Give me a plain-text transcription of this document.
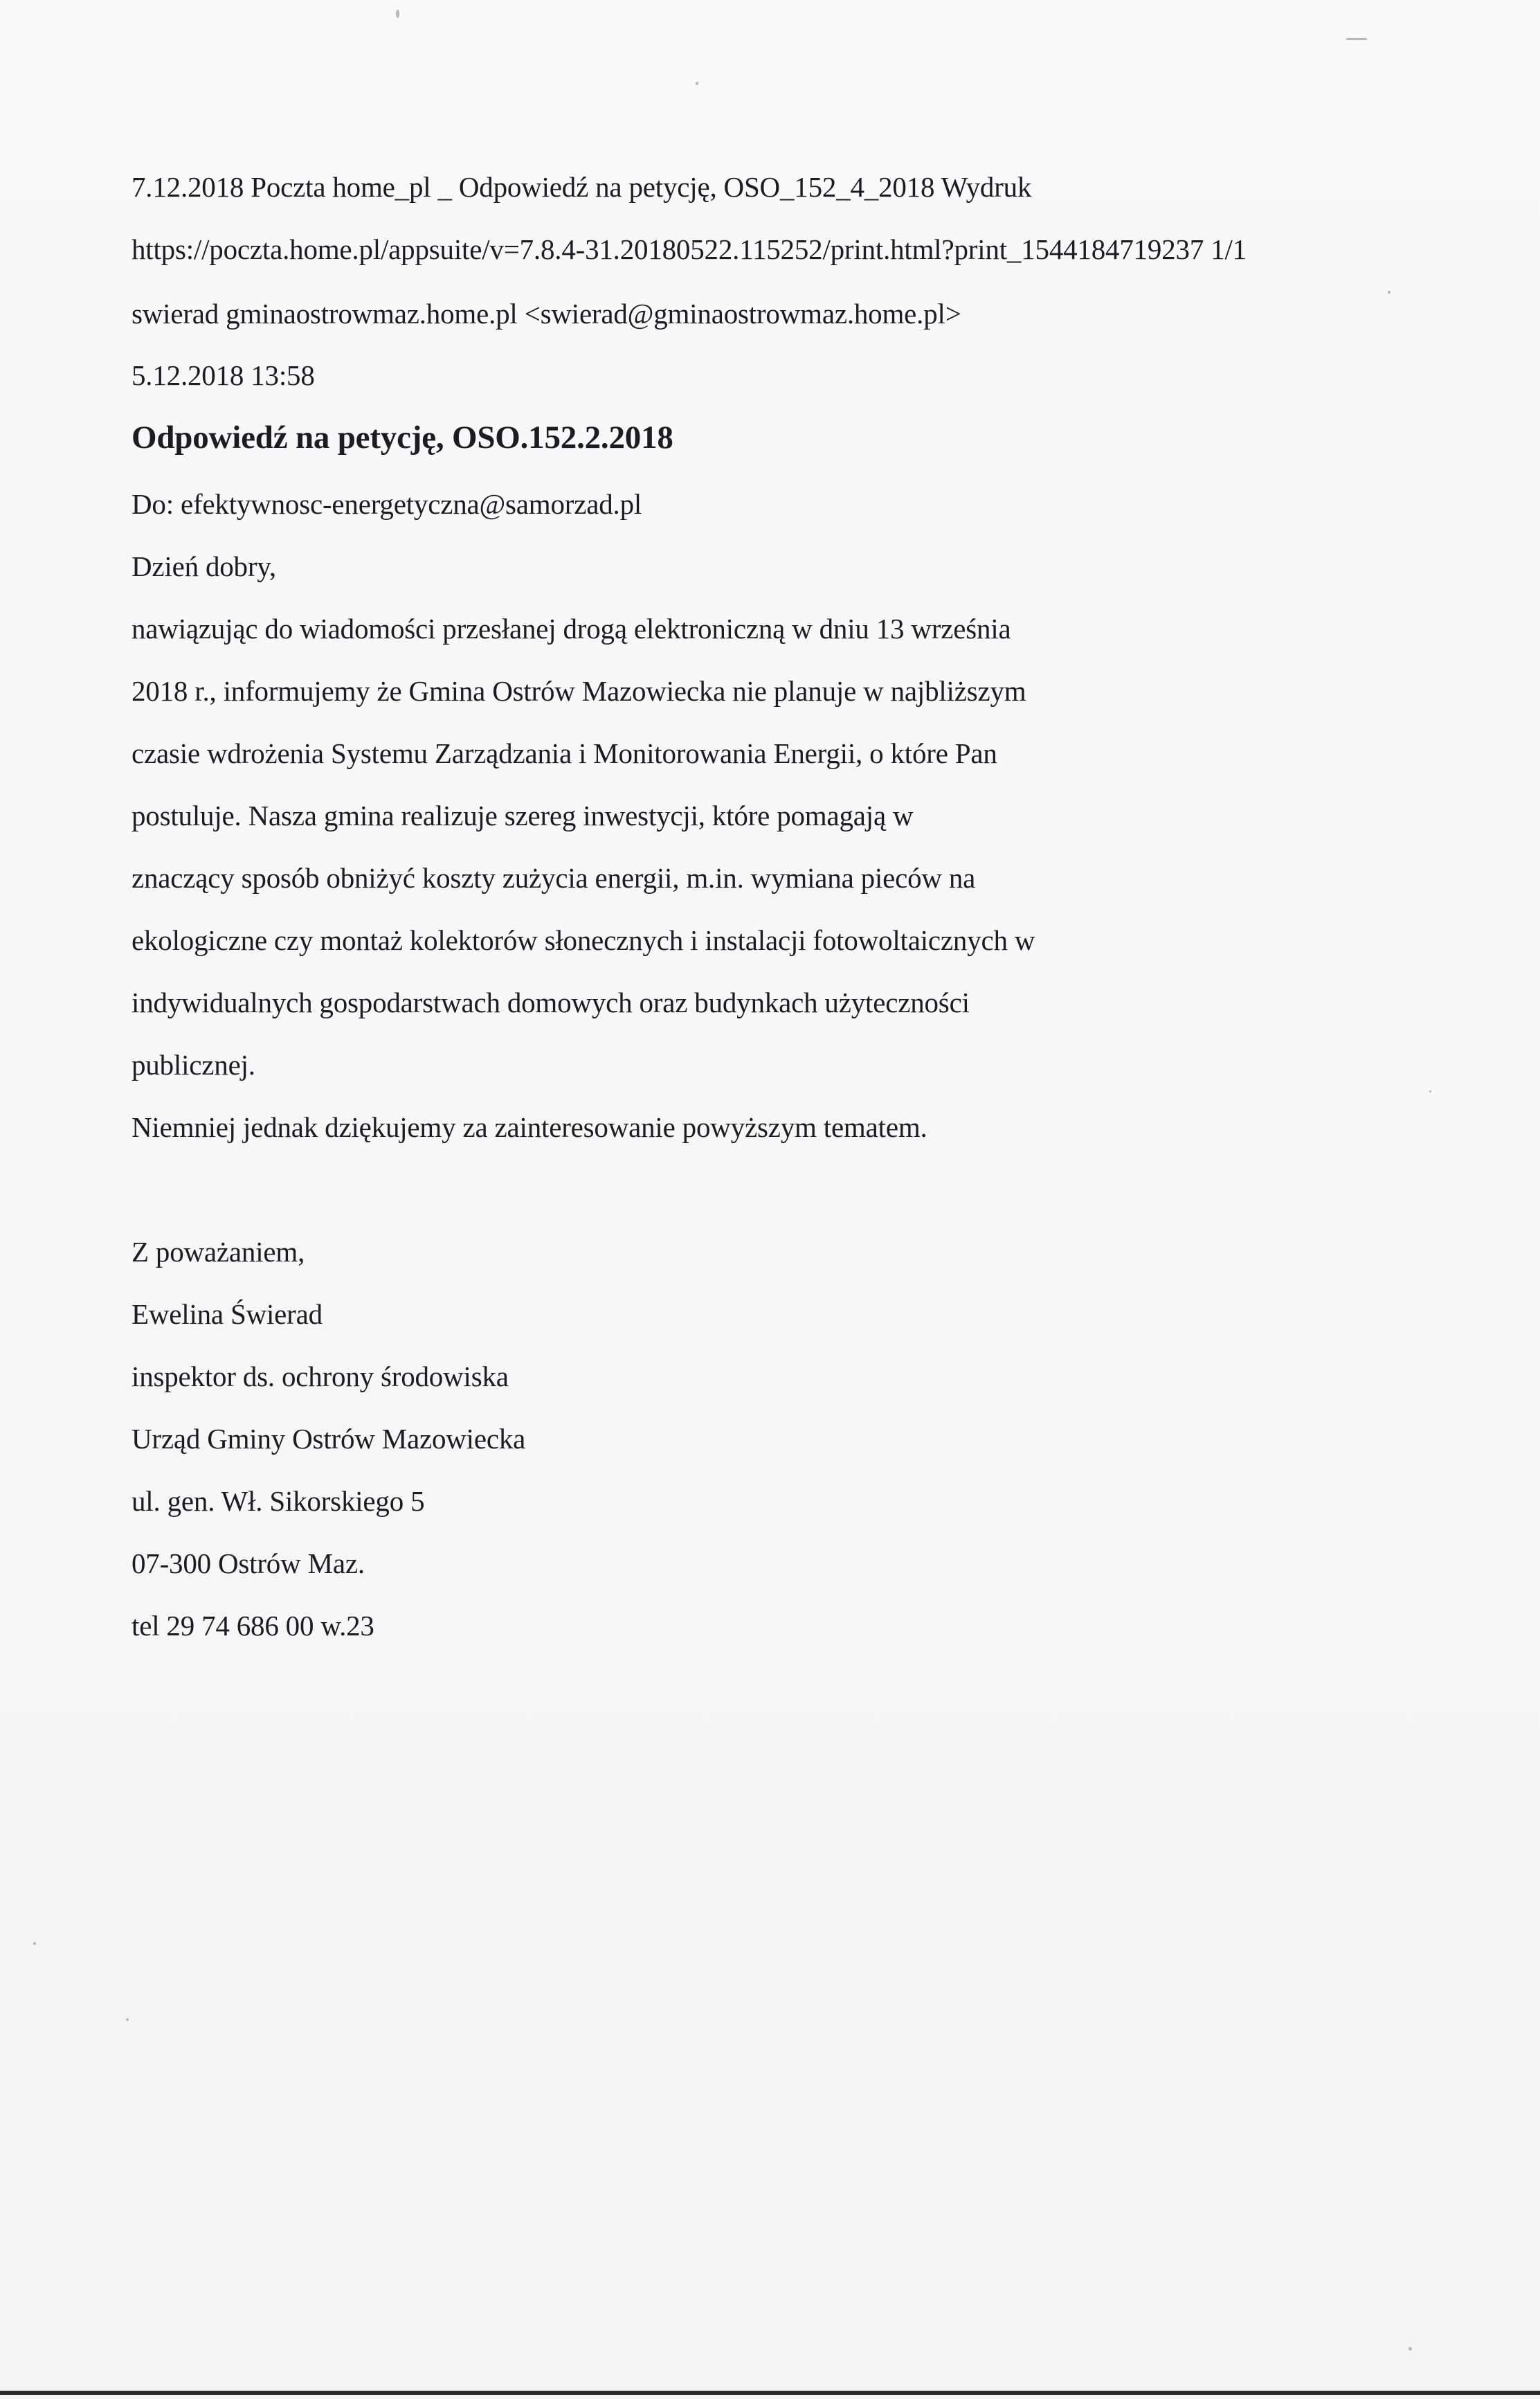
7.12.2018 Poczta home_pl _ Odpowiedź na petycję, OSO_152_4_2018 Wydruk
https://poczta.home.pl/appsuite/v=7.8.4-31.20180522.115252/print.html?print_1544184719237 1/1
swierad gminaostrowmaz.home.pl <swierad@gminaostrowmaz.home.pl>
5.12.2018 13:58
Odpowiedź na petycję, OSO.152.2.2018
Do: efektywnosc-energetyczna@samorzad.pl
Dzień dobry,
nawiązując do wiadomości przesłanej drogą elektroniczną w dniu 13 września
2018 r., informujemy że Gmina Ostrów Mazowiecka nie planuje w najbliższym
czasie wdrożenia Systemu Zarządzania i Monitorowania Energii, o które Pan
postuluje. Nasza gmina realizuje szereg inwestycji, które pomagają w
znaczący sposób obniżyć koszty zużycia energii, m.in. wymiana pieców na
ekologiczne czy montaż kolektorów słonecznych i instalacji fotowoltaicznych w
indywidualnych gospodarstwach domowych oraz budynkach użyteczności
publicznej.
Niemniej jednak dziękujemy za zainteresowanie powyższym tematem.
Z poważaniem,
Ewelina Świerad
inspektor ds. ochrony środowiska
Urząd Gminy Ostrów Mazowiecka
ul. gen. Wł. Sikorskiego 5
07-300 Ostrów Maz.
tel 29 74 686 00 w.23
